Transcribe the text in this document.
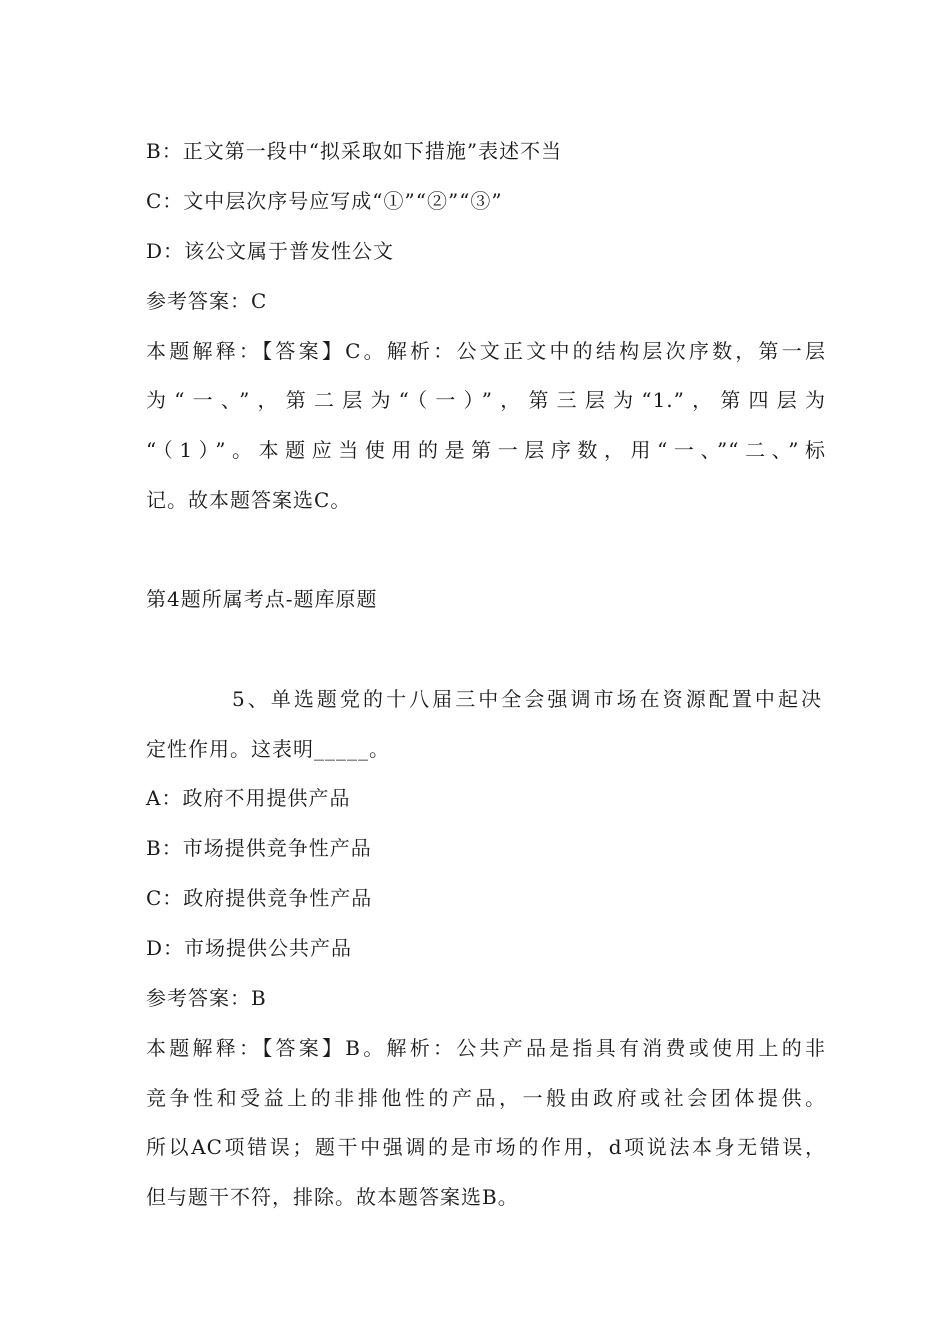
B：正文第一段中“拟采取如下措施”表述不当
C：文中层次序号应写成“①”“②”“③”
D：该公文属于普发性公文
参考答案：C
本题解释：【答案】C。解析：公文正文中的结构层次序数，第一层
为“一、”，第二层为“（一）”，第三层为“1.”，第四层为
“（1）”。本题应当使用的是第一层序数，用“一、”“二、”标
记。故本题答案选C。
第4题所属考点-题库原题
5、单选题党的十八届三中全会强调市场在资源配置中起决
定性作用。这表明_____。
A：政府不用提供产品
B：市场提供竞争性产品
C：政府提供竞争性产品
D：市场提供公共产品
参考答案：B
本题解释：【答案】B。解析：公共产品是指具有消费或使用上的非
竞争性和受益上的非排他性的产品，一般由政府或社会团体提供。
所以AC项错误；题干中强调的是市场的作用，d项说法本身无错误，
但与题干不符，排除。故本题答案选B。
